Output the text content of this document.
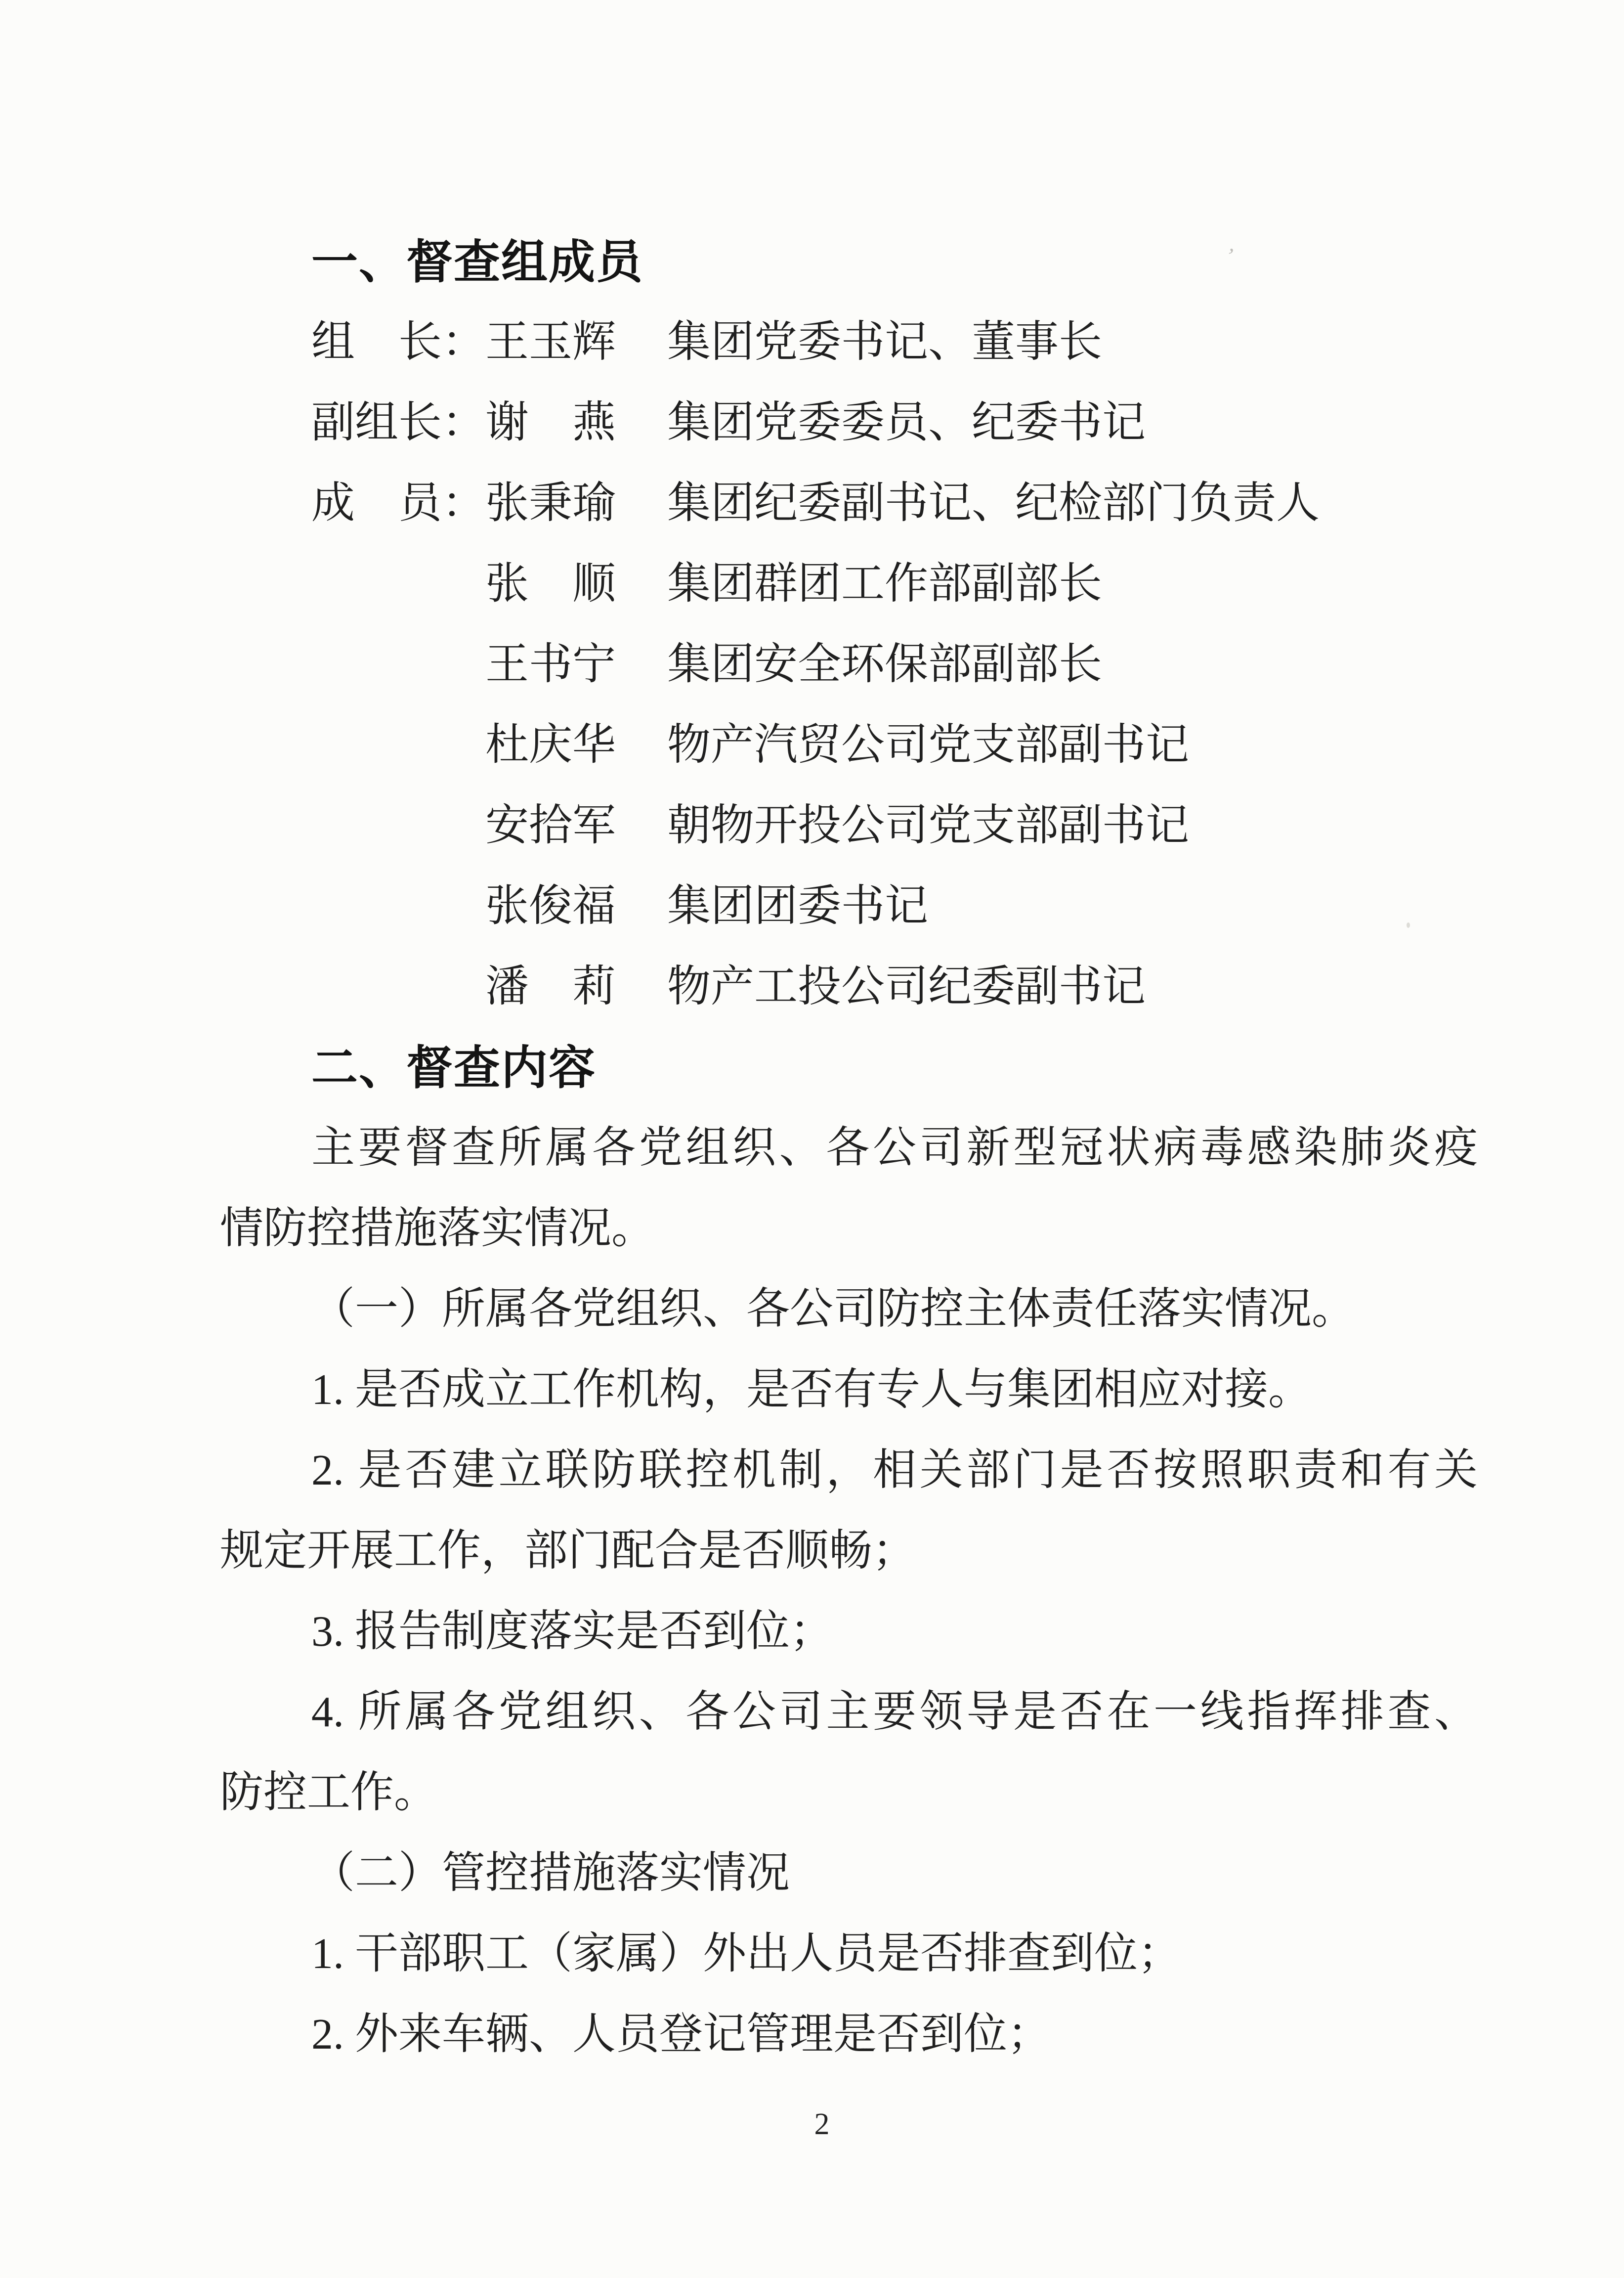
一、督查组成员
组　长：王玉辉 集团党委书记、董事长
副组长：谢　燕 集团党委委员、纪委书记
成　员：张秉瑜 集团纪委副书记、纪检部门负责人
张　顺 集团群团工作部副部长
王书宁 集团安全环保部副部长
杜庆华 物产汽贸公司党支部副书记
安拾军 朝物开投公司党支部副书记
张俊福 集团团委书记
潘　莉 物产工投公司纪委副书记
二、督查内容
主要督查所属各党组织、各公司新型冠状病毒感染肺炎疫
情防控措施落实情况。
（一）所属各党组织、各公司防控主体责任落实情况。
1. 是否成立工作机构，是否有专人与集团相应对接。
2. 是否建立联防联控机制，相关部门是否按照职责和有关
规定开展工作，部门配合是否顺畅；
3. 报告制度落实是否到位；
4. 所属各党组织、各公司主要领导是否在一线指挥排查、
防控工作。
（二）管控措施落实情况
1. 干部职工（家属）外出人员是否排查到位；
2. 外来车辆、人员登记管理是否到位；
2
’
